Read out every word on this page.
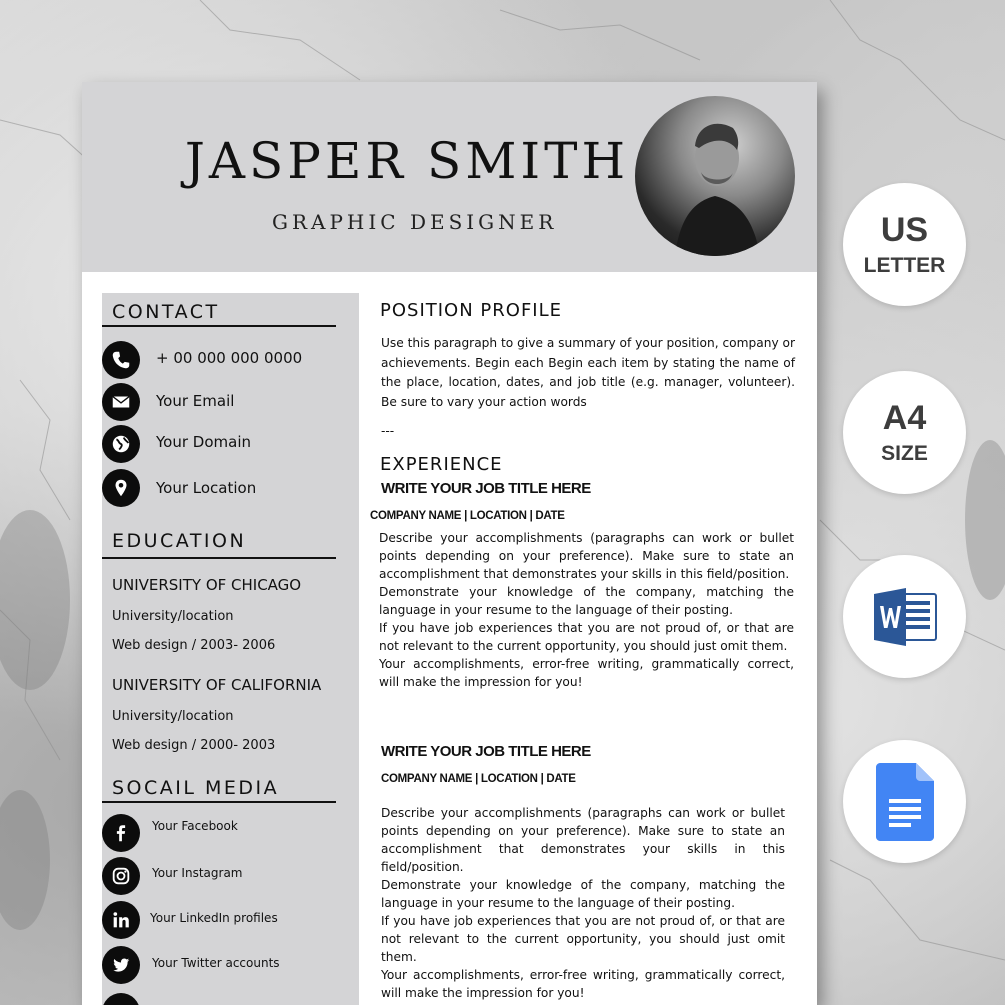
JASPER SMITH
GRAPHIC DESIGNER
CONTACT
+ 00 000 000 0000
Your Email
Your Domain
Your Location
EDUCATION
UNIVERSITY OF CHICAGO
University/location
Web design / 2003- 2006
UNIVERSITY OF CALIFORNIA
University/location
Web design / 2000- 2003
SOCAIL MEDIA
Your Facebook
Your Instagram
Your LinkedIn profiles
Your Twitter accounts
POSITION PROFILE
Use this paragraph to give a summary of your position, company or achievements. Begin each Begin each item by stating the name of the place, location, dates, and job title (e.g. manager, volunteer). Be sure to vary your action words
---
EXPERIENCE
WRITE YOUR JOB TITLE HERE
COMPANY NAME | LOCATION | DATE

Describe your accomplishments (paragraphs can work or bullet points depending on your preference). Make sure to state an accomplishment that demonstrates your skills in this field/position.

Demonstrate your knowledge of the company, matching the language in your resume to the language of their posting.

If you have job experiences that you are not proud of, or that are not relevant to the current opportunity, you should just omit them.

Your accomplishments, error-free writing, grammatically correct, will make the impression for you!

WRITE YOUR JOB TITLE HERE
COMPANY NAME | LOCATION | DATE

Describe your accomplishments (paragraphs can work or bullet points depending on your preference). Make sure to state an accomplishment that demonstrates your skills in this field/position.

Demonstrate your knowledge of the company, matching the language in your resume to the language of their posting.

If you have job experiences that you are not proud of, or that are not relevant to the current opportunity, you should just omit them.

Your accomplishments, error-free writing, grammatically correct, will make the impression for you!

US
LETTER
A4
SIZE
